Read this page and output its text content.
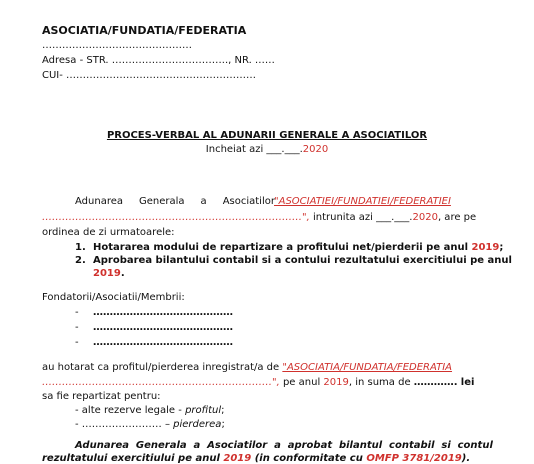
ASOCIATIA/FUNDATIA/FEDERATIA
………………………………………
Adresa - STR. …………………………….., NR. ……
CUI- …………………………………………………
PROCES-VERBAL AL ADUNARII GENERALE A ASOCIATILOR
Incheiat azi ___.___.2020
Adunarea Generala a Asociatilor "ASOCIATIEI/FUNDATIEI/FEDERATIEI
……………………………………………………………………", intrunita azi ___.___.2020, are pe
ordinea de zi urmatoarele:
1. Hotararea modului de repartizare a profitului net/pierderii pe anul 2019;
2. Aprobarea bilantului contabil si a contului rezultatului exercitiului pe anul
2019.
Fondatorii/Asociatii/Membrii:
- ……………………………………
- ……………………………………
- ……………………………………
au hotarat ca profitul/pierderea inregistrat/a de "ASOCIATIA/FUNDATIA/FEDERATIA
……………………………………………………………", pe anul 2019, in suma de …………. lei
sa fie repartizat pentru:
- alte rezerve legale - profitul;
- …………………… – pierderea;
Adunarea Generala a Asociatilor a aprobat bilantul contabil si contul
rezultatului exercitiului pe anul 2019 (in conformitate cu OMFP 3781/2019).
